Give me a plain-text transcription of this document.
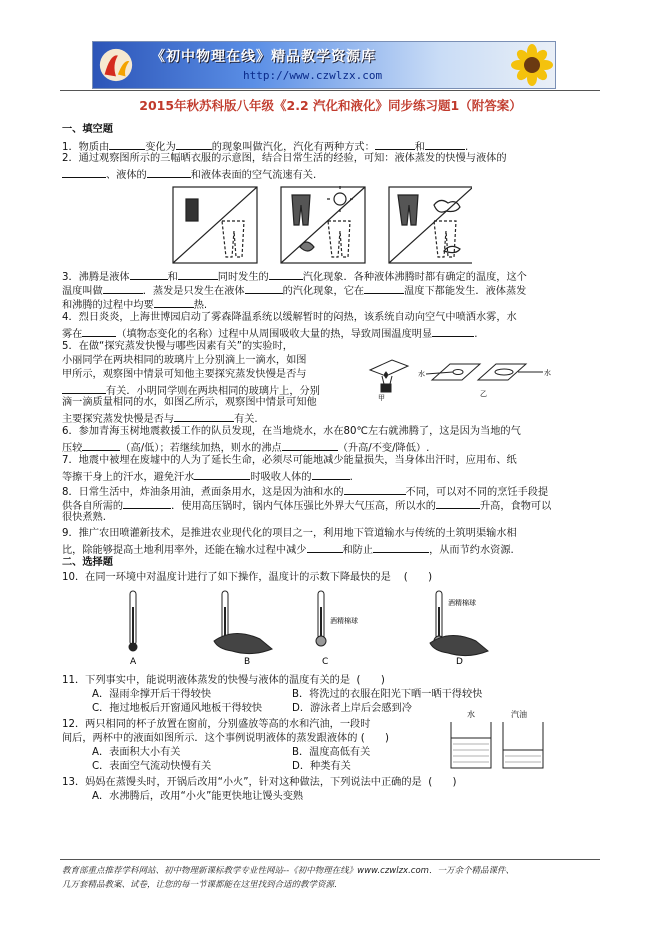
《初中物理在线》精品教学资源库
http://www.czwlzx.com
2015年秋苏科版八年级《2.2 汽化和液化》同步练习题1（附答案）
一、填空题
1．物质由	变化为	的现象叫做汽化，汽化有两种方式：	和	.
2．通过观察图所示的三幅晒衣服的示意图，结合日常生活的经验，可知：液体蒸发的快慢与液体的
、液体的	和液体表面的空气流速有关.
3．沸腾是液体	和	同时发生的	汽化现象．各种液体沸腾时都有确定的温度，这个
温度叫做	．蒸发是只发生在液体	的汽化现象，它在	温度下都能发生．液体蒸发
和沸腾的过程中均要	热.
4．烈日炎炎，上海世博园启动了雾森降温系统以缓解暂时的闷热，该系统自动向空气中喷洒水雾，水
雾在	（填物态变化的名称）过程中从周围吸收大量的热，导致周围温度明显	.
5．在做“探究蒸发快慢与哪些因素有关”的实验时，
小丽同学在两块相同的玻璃片上分别滴上一滴水，如图
甲所示，观察图中情景可知他主要探究蒸发快慢是否与
有关．小明同学则在两块相同的玻璃片上，分别
滴一滴质量相同的水，如图乙所示，观察图中情景可知他
主要探究蒸发快慢是否与	有关.
甲
水	水
乙
6．参加青海玉树地震救援工作的队员发现，在当地烧水，水在80℃左右就沸腾了，这是因为当地的气
压较	（高/低）；若继续加热，则水的沸点	（升高/不变/降低）.
7．地震中被埋在废墟中的人为了延长生命，必须尽可能地减少能量损失，当身体出汗时，应用布、纸
等擦干身上的汗水，避免汗水	时吸收人体的	.
8．日常生活中，炸油条用油，煮面条用水，这是因为油和水的	不同，可以对不同的烹饪手段提
供各自所需的	．使用高压锅时，锅内气体压强比外界大气压高，所以水的	升高，食物可以
很快煮熟.
9．推广农田喷灌新技术，是推进农业现代化的项目之一，利用地下管道输水与传统的土筑明渠输水相
比，除能够提高土地利用率外，还能在输水过程中减少	和防止	，从而节约水资源.
二、选择题
10．在同一环境中对温度计进行了如下操作，温度计的示数下降最快的是 (　　)
A	B
酒精棉球
C
酒精棉球
D
11．下列事实中，能说明液体蒸发的快慢与液体的温度有关的是 (　　)
A．湿雨伞撑开后干得较快	B．将洗过的衣服在阳光下晒一晒干得较快
C．拖过地板后开窗通风地板干得较快	D．游泳者上岸后会感到冷
12．两只相同的杯子放置在窗前，分别盛放等高的水和汽油，一段时
间后，两杯中的液面如图所示．这个事例说明液体的蒸发跟液体的 (　　)
A．表面积大小有关	B．温度高低有关
C．表面空气流动快慢有关	D．种类有关
水	汽油
13．妈妈在蒸馒头时，开锅后改用“小火”，针对这种做法，下列说法中正确的是 (　　)
A．水沸腾后，改用“小火”能更快地让馒头变熟
教育部重点推荐学科网站、初中物理新课标教学专业性网站--《初中物理在线》www.czwlzx.com．一万余个精品课件、
几万套精品教案、试卷，让您的每一节课都能在这里找到合适的教学资源．
